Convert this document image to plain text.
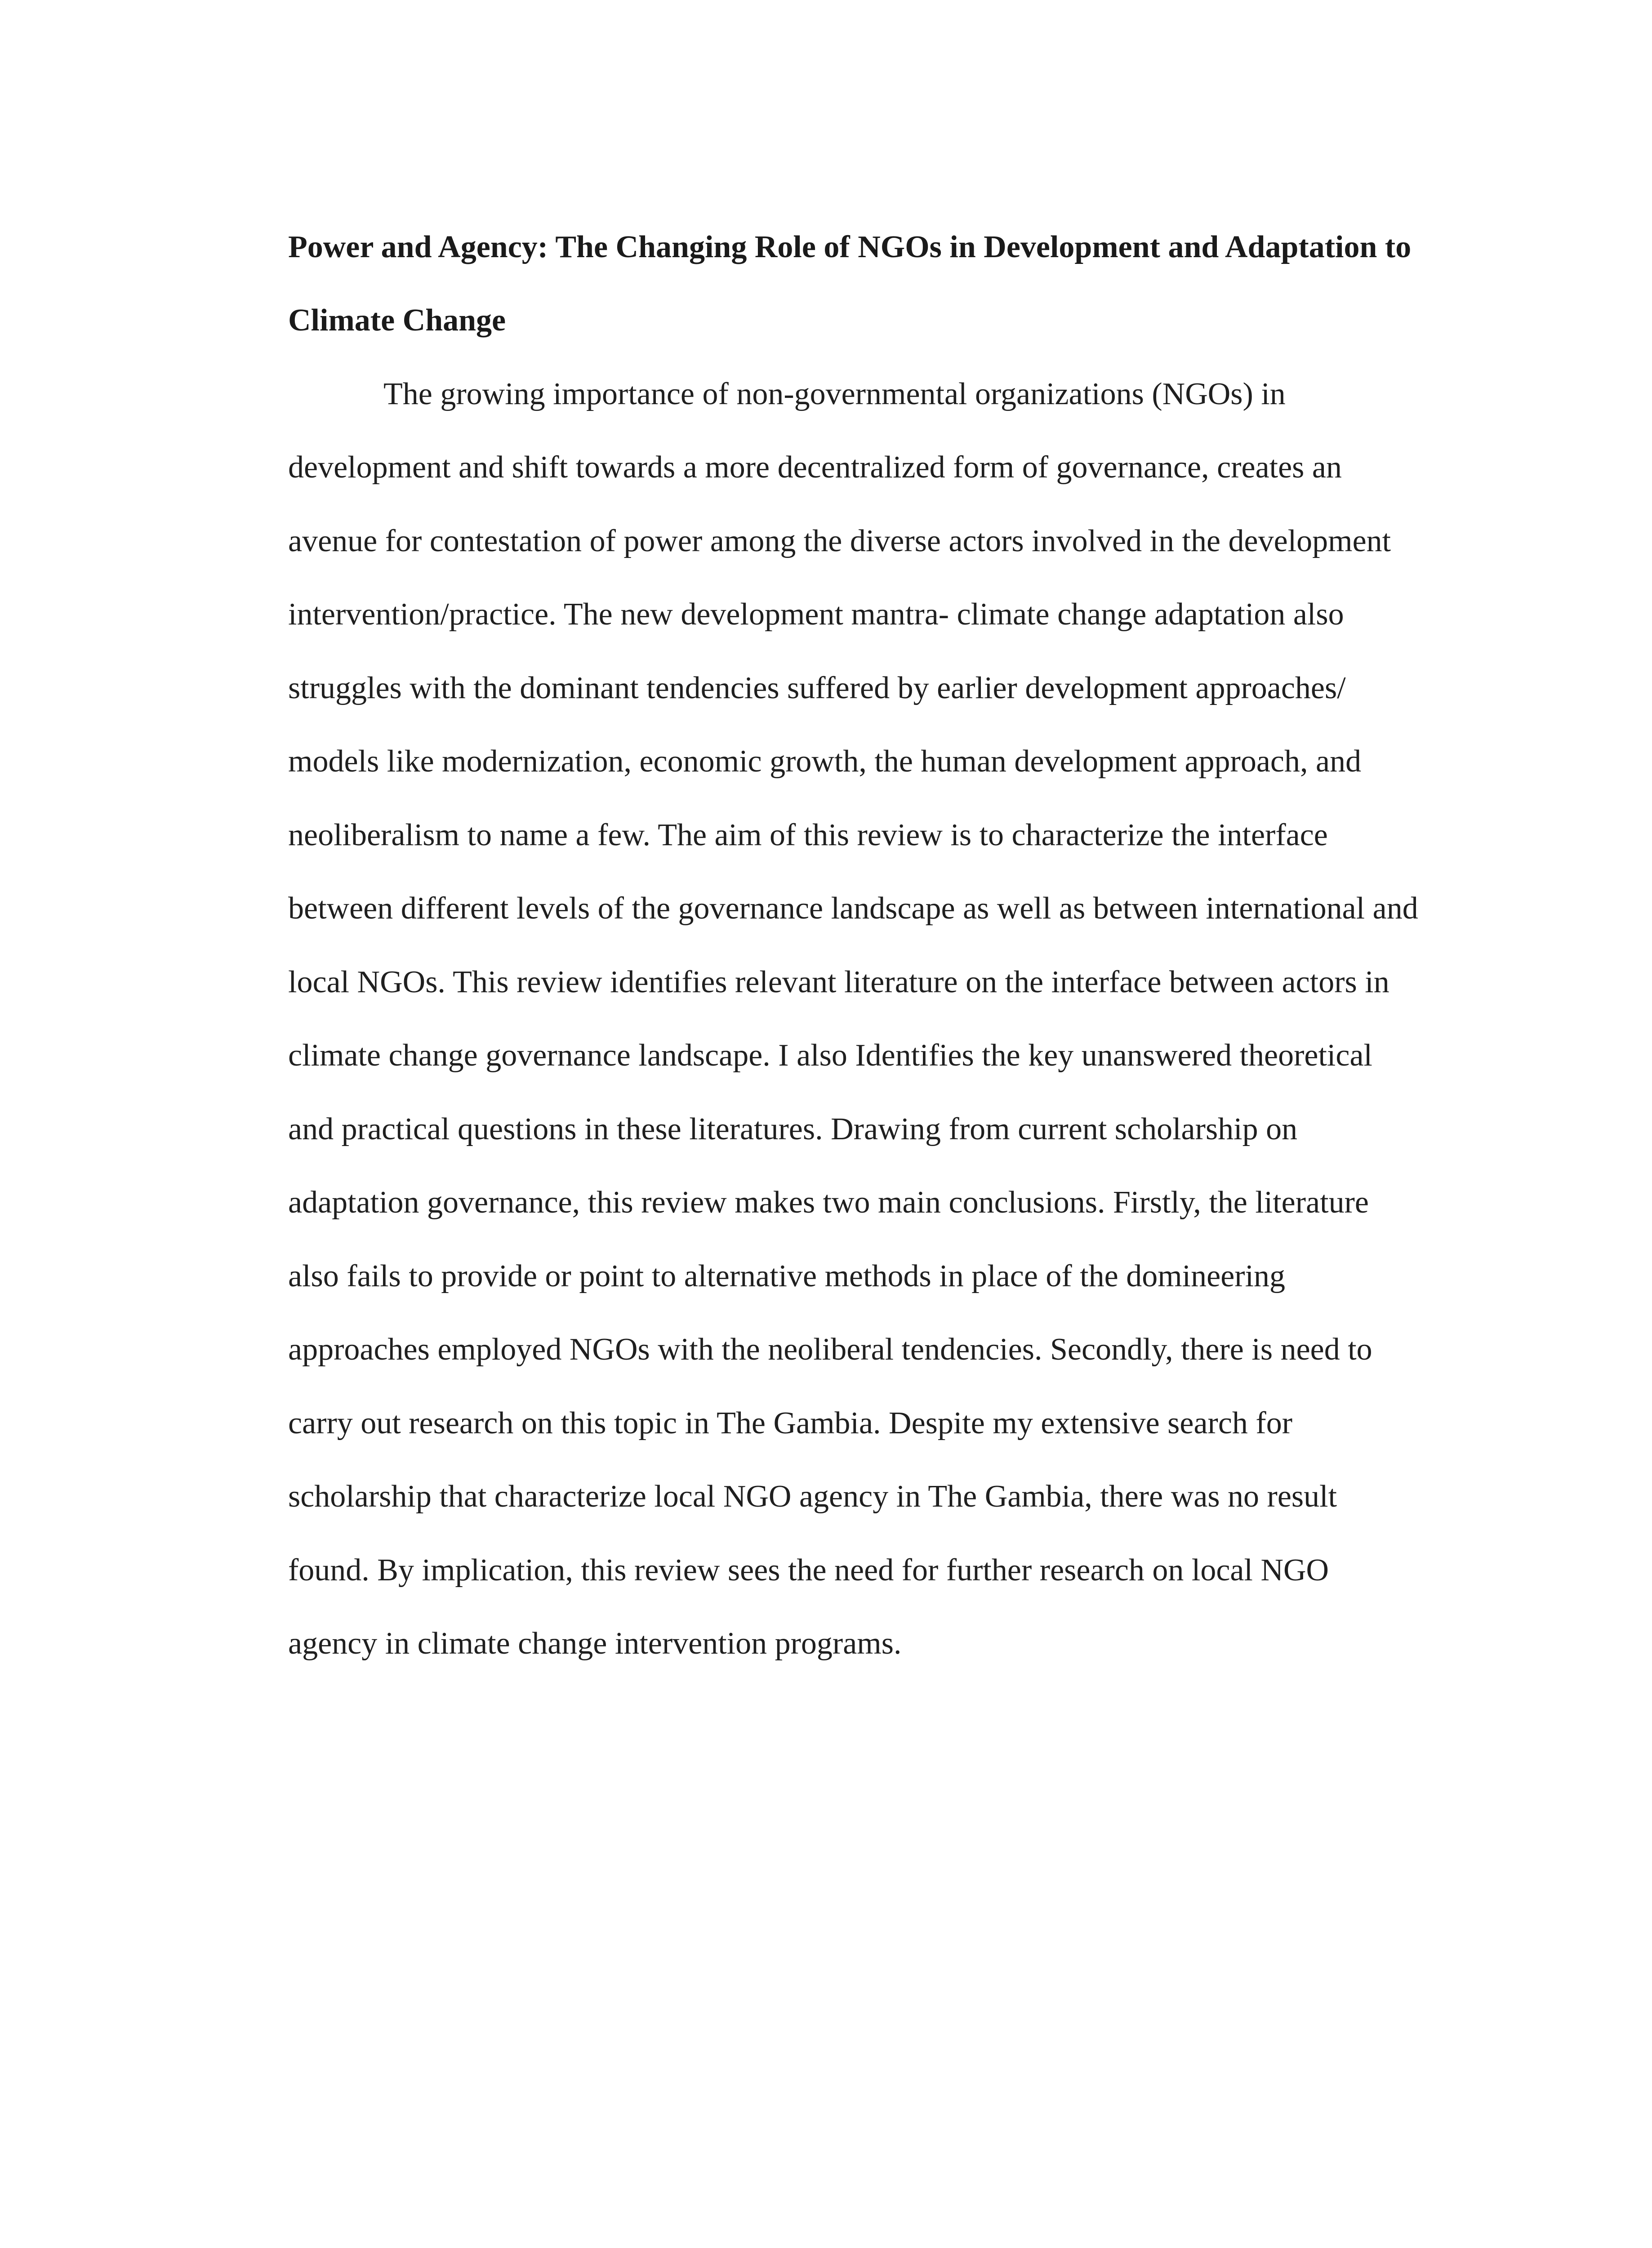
Power and Agency: The Changing Role of NGOs in Development and Adaptation to
Climate Change
The growing importance of non-governmental organizations (NGOs) in
development and shift towards a more decentralized form of governance, creates an
avenue for contestation of power among the diverse actors involved in the development
intervention/practice. The new development mantra- climate change adaptation also
struggles with the dominant tendencies suffered by earlier development approaches/
models like modernization, economic growth, the human development approach, and
neoliberalism to name a few. The aim of this review is to characterize the interface
between different levels of the governance landscape as well as between international and
local NGOs. This review identifies relevant literature on the interface between actors in
climate change governance landscape. I also Identifies the key unanswered theoretical
and practical questions in these literatures. Drawing from current scholarship on
adaptation governance, this review makes two main conclusions. Firstly, the literature
also fails to provide or point to alternative methods in place of the domineering
approaches employed NGOs with the neoliberal tendencies. Secondly, there is need to
carry out research on this topic in The Gambia. Despite my extensive search for
scholarship that characterize local NGO agency in The Gambia, there was no result
found. By implication, this review sees the need for further research on local NGO
agency in climate change intervention programs.
